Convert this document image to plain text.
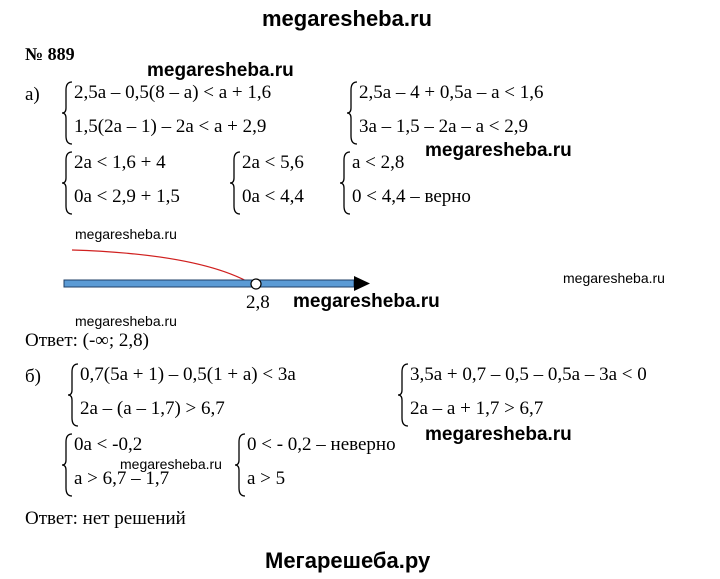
megaresheba.ru
№ 889
megaresheba.ru
а) 2,5a – 0,5(8 – a) < a + 1,6
1,5(2a – 1) – 2a < a + 2,9
2,5a – 4 + 0,5a – a < 1,6
3a – 1,5 – 2a – a < 2,9
megaresheba.ru
2a < 1,6 + 4
0a < 2,9 + 1,5
2a < 5,6
0a < 4,4
a < 2,8
0 < 4,4 – верно
megaresheba.ru
2,8
megaresheba.ru
megaresheba.ru
megaresheba.ru
Ответ: (-∞; 2,8)
б) 0,7(5a + 1) – 0,5(1 + a) < 3a
2a – (a – 1,7) > 6,7
3,5a + 0,7 – 0,5 – 0,5a – 3a < 0
2a – a + 1,7 > 6,7
megaresheba.ru
0a < -0,2
a > 6,7 – 1,7
0 < - 0,2 – неверно
a > 5
megaresheba.ru
Ответ: нет решений
Мегарешеба.ру
